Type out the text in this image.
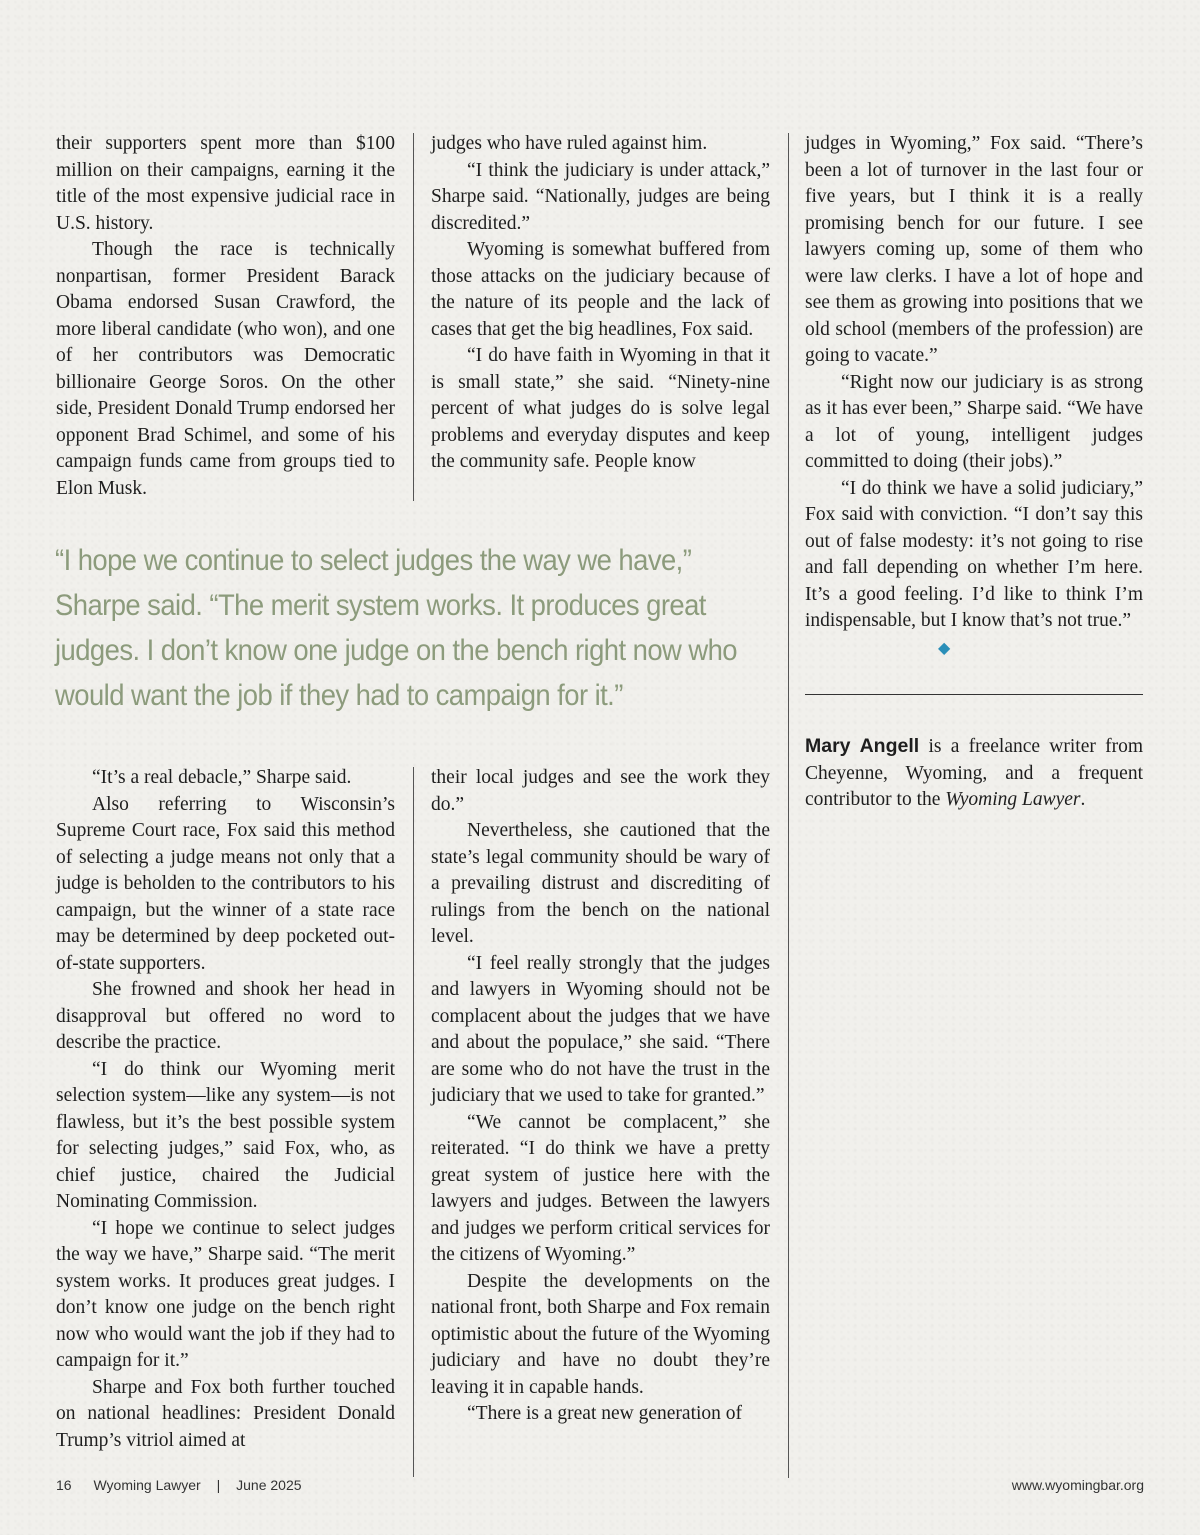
their supporters spent more than $100 million on their campaigns, earning it the title of the most expensive judicial race in U.S. history.

Though the race is technically nonpartisan, former President Barack Obama endorsed Susan Crawford, the more liberal candidate (who won), and one of her contributors was Democratic billionaire George Soros. On the other side, President Donald Trump endorsed her opponent Brad Schimel, and some of his campaign funds came from groups tied to Elon Musk.

judges who have ruled against him.

“I think the judiciary is under attack,” Sharpe said. “Nationally, judges are being discredited.”

Wyoming is somewhat buffered from those attacks on the judiciary because of the nature of its people and the lack of cases that get the big headlines, Fox said.

“I do have faith in Wyoming in that it is small state,” she said. “Ninety-nine percent of what judges do is solve legal problems and everyday disputes and keep the community safe. People know

judges in Wyoming,” Fox said. “There’s been a lot of turnover in the last four or five years, but I think it is a really promising bench for our future. I see lawyers coming up, some of them who were law clerks. I have a lot of hope and see them as growing into positions that we old school (members of the profession) are going to vacate.”

“Right now our judiciary is as strong as it has ever been,” Sharpe said. “We have a lot of young, intelligent judges committed to doing (their jobs).”

“I do think we have a solid judiciary,” Fox said with conviction. “I don’t say this out of false modesty: it’s not going to rise and fall depending on whether I’m here. It’s a good feeling. I’d like to think I’m indispensable, but I know that’s not true.”

◆
“I hope we continue to select judges the way we have,” Sharpe said. “The merit system works. It produces great judges. I don’t know one judge on the bench right now who would want the job if they had to campaign for it.”

“It’s a real debacle,” Sharpe said.

Also referring to Wisconsin’s Supreme Court race, Fox said this method of selecting a judge means not only that a judge is beholden to the contributors to his campaign, but the winner of a state race may be determined by deep pocketed out-of-state supporters.

She frowned and shook her head in disapproval but offered no word to describe the practice.

“I do think our Wyoming merit selection system—like any system—is not flawless, but it’s the best possible system for selecting judges,” said Fox, who, as chief justice, chaired the Judicial Nominating Commission.

“I hope we continue to select judges the way we have,” Sharpe said. “The merit system works. It produces great judges. I don’t know one judge on the bench right now who would want the job if they had to campaign for it.”

Sharpe and Fox both further touched on national headlines: President Donald Trump’s vitriol aimed at

their local judges and see the work they do.”

Nevertheless, she cautioned that the state’s legal community should be wary of a prevailing distrust and discrediting of rulings from the bench on the national level.

“I feel really strongly that the judges and lawyers in Wyoming should not be complacent about the judges that we have and about the populace,” she said. “There are some who do not have the trust in the judiciary that we used to take for granted.”

“We cannot be complacent,” she reiterated. “I do think we have a pretty great system of justice here with the lawyers and judges. Between the lawyers and judges we perform critical services for the citizens of Wyoming.”

Despite the developments on the national front, both Sharpe and Fox remain optimistic about the future of the Wyoming judiciary and have no doubt they’re leaving it in capable hands.

“There is a great new generation of

Mary Angell is a freelance writer from Cheyenne, Wyoming, and a frequent contributor to the Wyoming Lawyer.
16 Wyoming Lawyer | June 2025	www.wyomingbar.org
